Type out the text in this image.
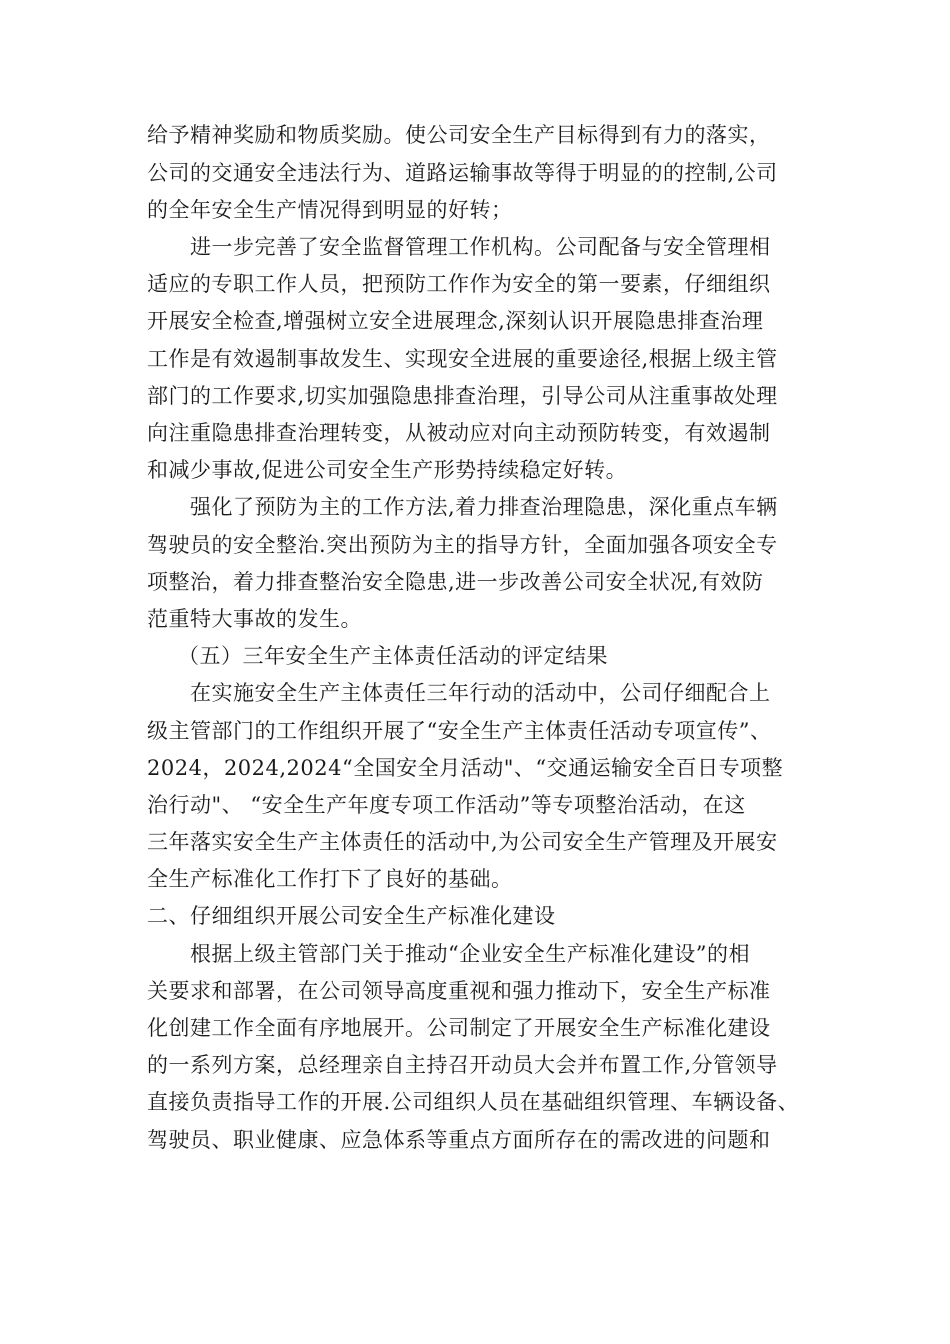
给予精神奖励和物质奖励。使公司安全生产目标得到有力的落实，
公司的交通安全违法行为、道路运输事故等得于明显的的控制,公司
的全年安全生产情况得到明显的好转；
进一步完善了安全监督管理工作机构。公司配备与安全管理相
适应的专职工作人员，把预防工作作为安全的第一要素，仔细组织
开展安全检查,增强树立安全进展理念,深刻认识开展隐患排查治理
工作是有效遏制事故发生、实现安全进展的重要途径,根据上级主管
部门的工作要求,切实加强隐患排查治理，引导公司从注重事故处理
向注重隐患排查治理转变，从被动应对向主动预防转变，有效遏制
和减少事故,促进公司安全生产形势持续稳定好转。
强化了预防为主的工作方法,着力排查治理隐患，深化重点车辆
驾驶员的安全整治.突出预防为主的指导方针，全面加强各项安全专
项整治，着力排查整治安全隐患,进一步改善公司安全状况,有效防
范重特大事故的发生。
（五）三年安全生产主体责任活动的评定结果
在实施安全生产主体责任三年行动的活动中，公司仔细配合上
级主管部门的工作组织开展了“安全生产主体责任活动专项宣传”、
2024，2024,2024“全国安全月活动"、“交通运输安全百日专项整
治行动"、 “安全生产年度专项工作活动”等专项整治活动，在这
三年落实安全生产主体责任的活动中,为公司安全生产管理及开展安
全生产标准化工作打下了良好的基础。
二、仔细组织开展公司安全生产标准化建设
根据上级主管部门关于推动“企业安全生产标准化建设”的相
关要求和部署，在公司领导高度重视和强力推动下，安全生产标准
化创建工作全面有序地展开。公司制定了开展安全生产标准化建设
的一系列方案，总经理亲自主持召开动员大会并布置工作,分管领导
直接负责指导工作的开展.公司组织人员在基础组织管理、车辆设备、
驾驶员、职业健康、应急体系等重点方面所存在的需改进的问题和
